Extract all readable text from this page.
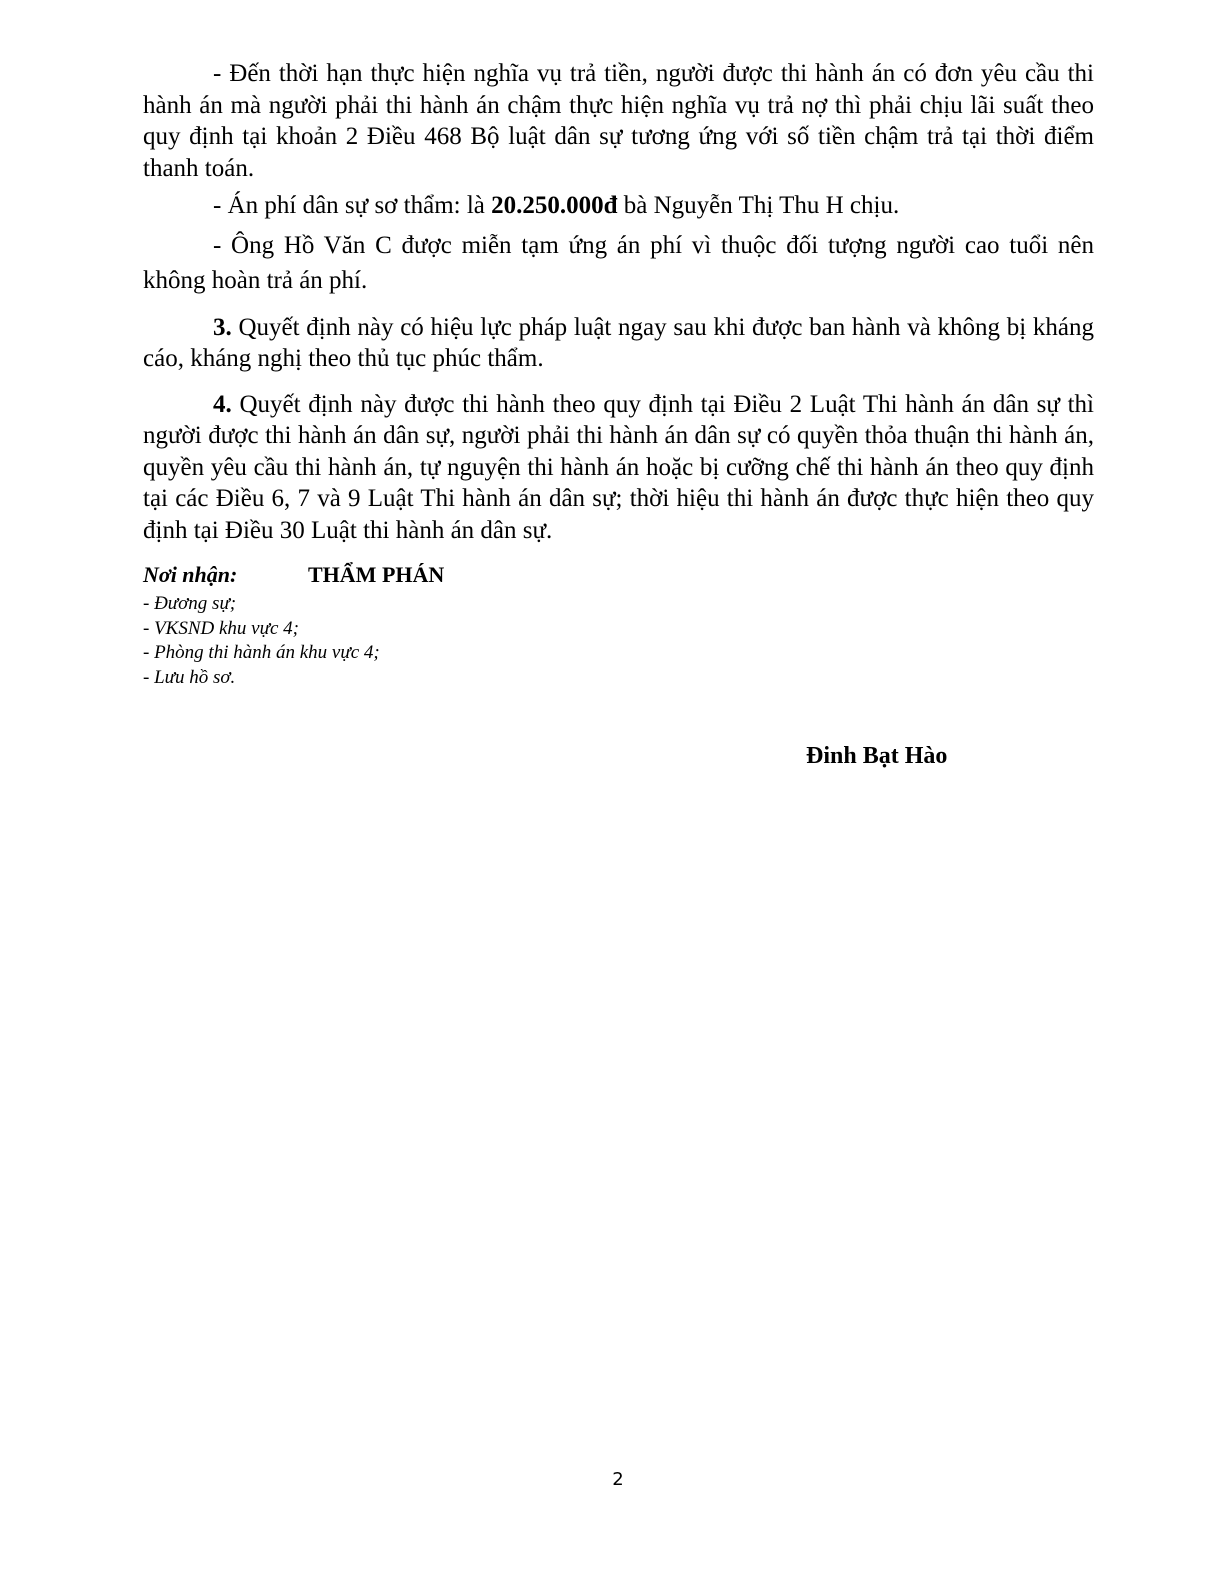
- Đến thời hạn thực hiện nghĩa vụ trả tiền, người được thi hành án có đơn yêu cầu thi hành án mà người phải thi hành án chậm thực hiện nghĩa vụ trả nợ thì phải chịu lãi suất theo quy định tại khoản 2 Điều 468 Bộ luật dân sự tương ứng với số tiền chậm trả tại thời điểm thanh toán.

- Án phí dân sự sơ thẩm: là 20.250.000đ bà Nguyễn Thị Thu H chịu.

- Ông Hồ Văn C được miễn tạm ứng án phí vì thuộc đối tượng người cao tuổi nên không hoàn trả án phí.

3. Quyết định này có hiệu lực pháp luật ngay sau khi được ban hành và không bị kháng cáo, kháng nghị theo thủ tục phúc thẩm.

4. Quyết định này được thi hành theo quy định tại Điều 2 Luật Thi hành án dân sự thì người được thi hành án dân sự, người phải thi hành án dân sự có quyền thỏa thuận thi hành án, quyền yêu cầu thi hành án, tự nguyện thi hành án hoặc bị cưỡng chế thi hành án theo quy định tại các Điều 6, 7 và 9 Luật Thi hành án dân sự; thời hiệu thi hành án được thực hiện theo quy định tại Điều 30 Luật thi hành án dân sự.

Nơi nhận:
- Đương sự;
- VKSND khu vực 4;
- Phòng thi hành án khu vực 4;
- Lưu hồ sơ.
THẨM PHÁN
Đinh Bạt Hào
2
